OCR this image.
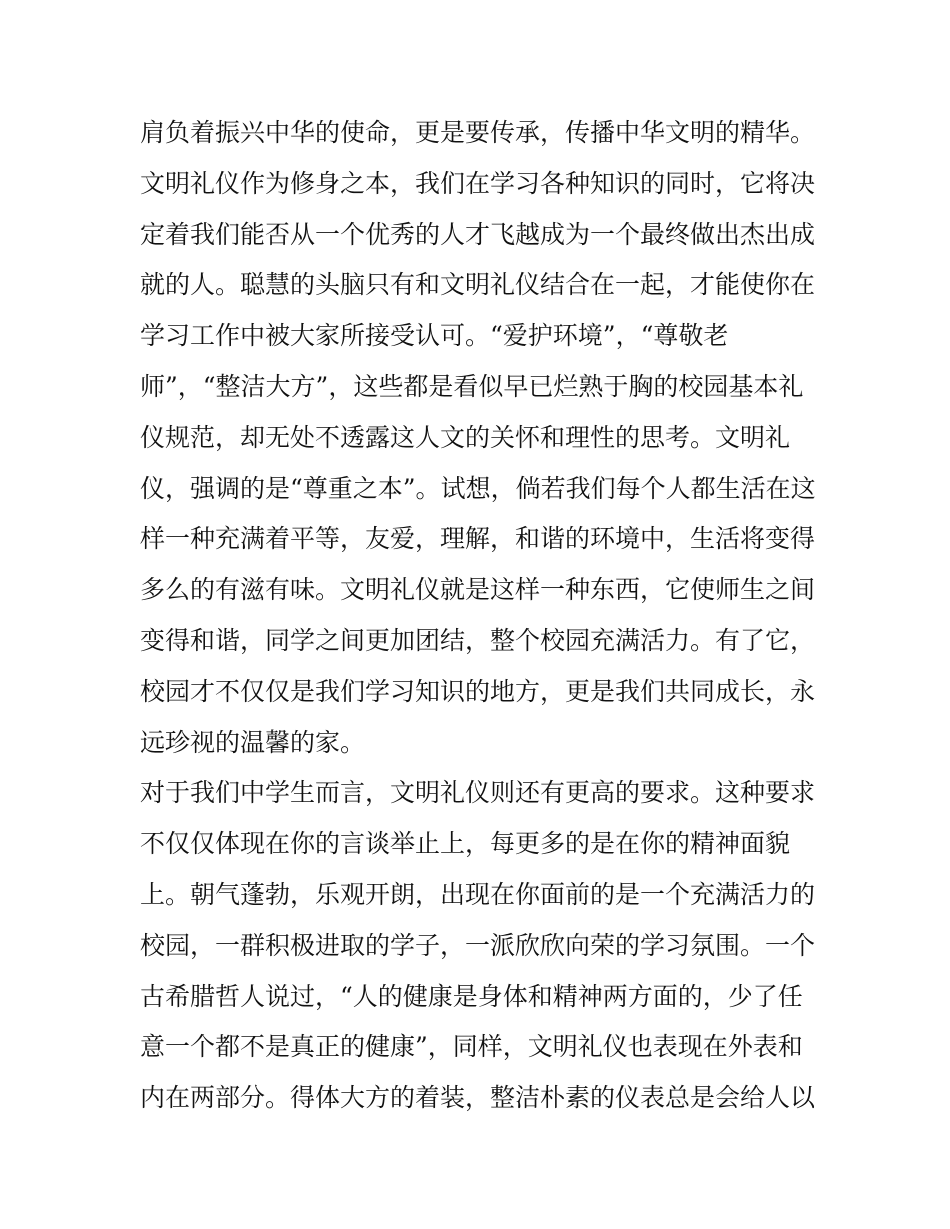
肩负着振兴中华的使命，更是要传承，传播中华文明的精华。
文明礼仪作为修身之本，我们在学习各种知识的同时，它将决
定着我们能否从一个优秀的人才飞越成为一个最终做出杰出成
就的人。聪慧的头脑只有和文明礼仪结合在一起，才能使你在
学习工作中被大家所接受认可。“爱护环境”，“尊敬老
师”，“整洁大方”，这些都是看似早已烂熟于胸的校园基本礼
仪规范，却无处不透露这人文的关怀和理性的思考。文明礼
仪，强调的是“尊重之本”。试想，倘若我们每个人都生活在这
样一种充满着平等，友爱，理解，和谐的环境中，生活将变得
多么的有滋有味。文明礼仪就是这样一种东西，它使师生之间
变得和谐，同学之间更加团结，整个校园充满活力。有了它，
校园才不仅仅是我们学习知识的地方，更是我们共同成长，永
远珍视的温馨的家。
对于我们中学生而言，文明礼仪则还有更高的要求。这种要求
不仅仅体现在你的言谈举止上，每更多的是在你的精神面貌
上。朝气蓬勃，乐观开朗，出现在你面前的是一个充满活力的
校园，一群积极进取的学子，一派欣欣向荣的学习氛围。一个
古希腊哲人说过，“人的健康是身体和精神两方面的，少了任
意一个都不是真正的健康”，同样，文明礼仪也表现在外表和
内在两部分。得体大方的着装，整洁朴素的仪表总是会给人以
